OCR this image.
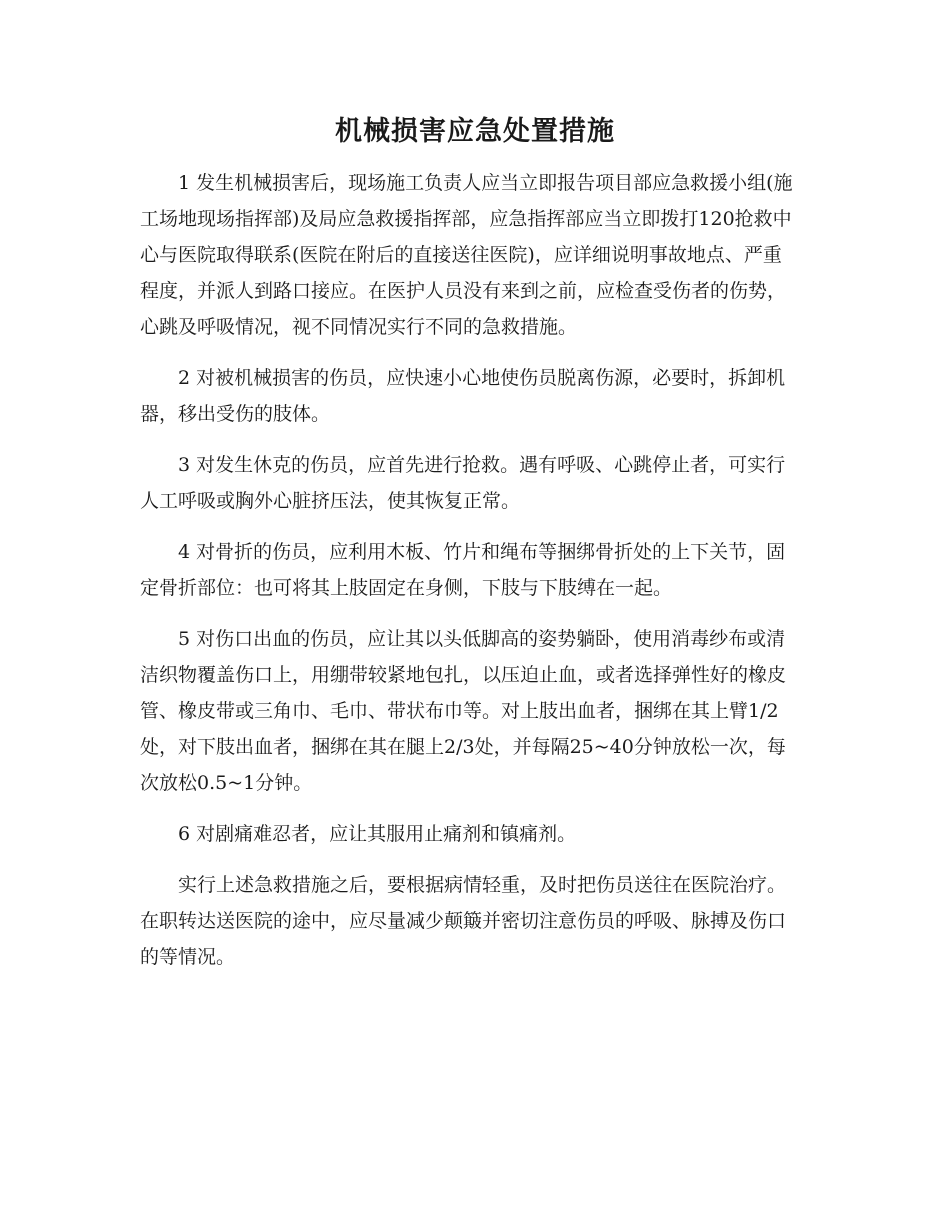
机械损害应急处置措施

1 发生机械损害后，现场施工负责人应当立即报告项目部应急救援小组(施工场地现场指挥部)及局应急救援指挥部，应急指挥部应当立即拨打120抢救中心与医院取得联系(医院在附后的直接送往医院)，应详细说明事故地点、严重程度，并派人到路口接应。在医护人员没有来到之前，应检查受伤者的伤势，心跳及呼吸情况，视不同情况实行不同的急救措施。

2 对被机械损害的伤员，应快速小心地使伤员脱离伤源，必要时，拆卸机器，移出受伤的肢体。

3 对发生休克的伤员，应首先进行抢救。遇有呼吸、心跳停止者，可实行人工呼吸或胸外心脏挤压法，使其恢复正常。

4 对骨折的伤员，应利用木板、竹片和绳布等捆绑骨折处的上下关节，固定骨折部位：也可将其上肢固定在身侧，下肢与下肢缚在一起。

5 对伤口出血的伤员，应让其以头低脚高的姿势躺卧，使用消毒纱布或清洁织物覆盖伤口上，用绷带较紧地包扎，以压迫止血，或者选择弹性好的橡皮管、橡皮带或三角巾、毛巾、带状布巾等。对上肢出血者，捆绑在其上臂1/2处，对下肢出血者，捆绑在其在腿上2/3处，并每隔25~40分钟放松一次，每次放松0.5~1分钟。

6 对剧痛难忍者，应让其服用止痛剂和镇痛剂。

实行上述急救措施之后，要根据病情轻重，及时把伤员送往在医院治疗。在职转达送医院的途中，应尽量减少颠簸并密切注意伤员的呼吸、脉搏及伤口的等情况。
